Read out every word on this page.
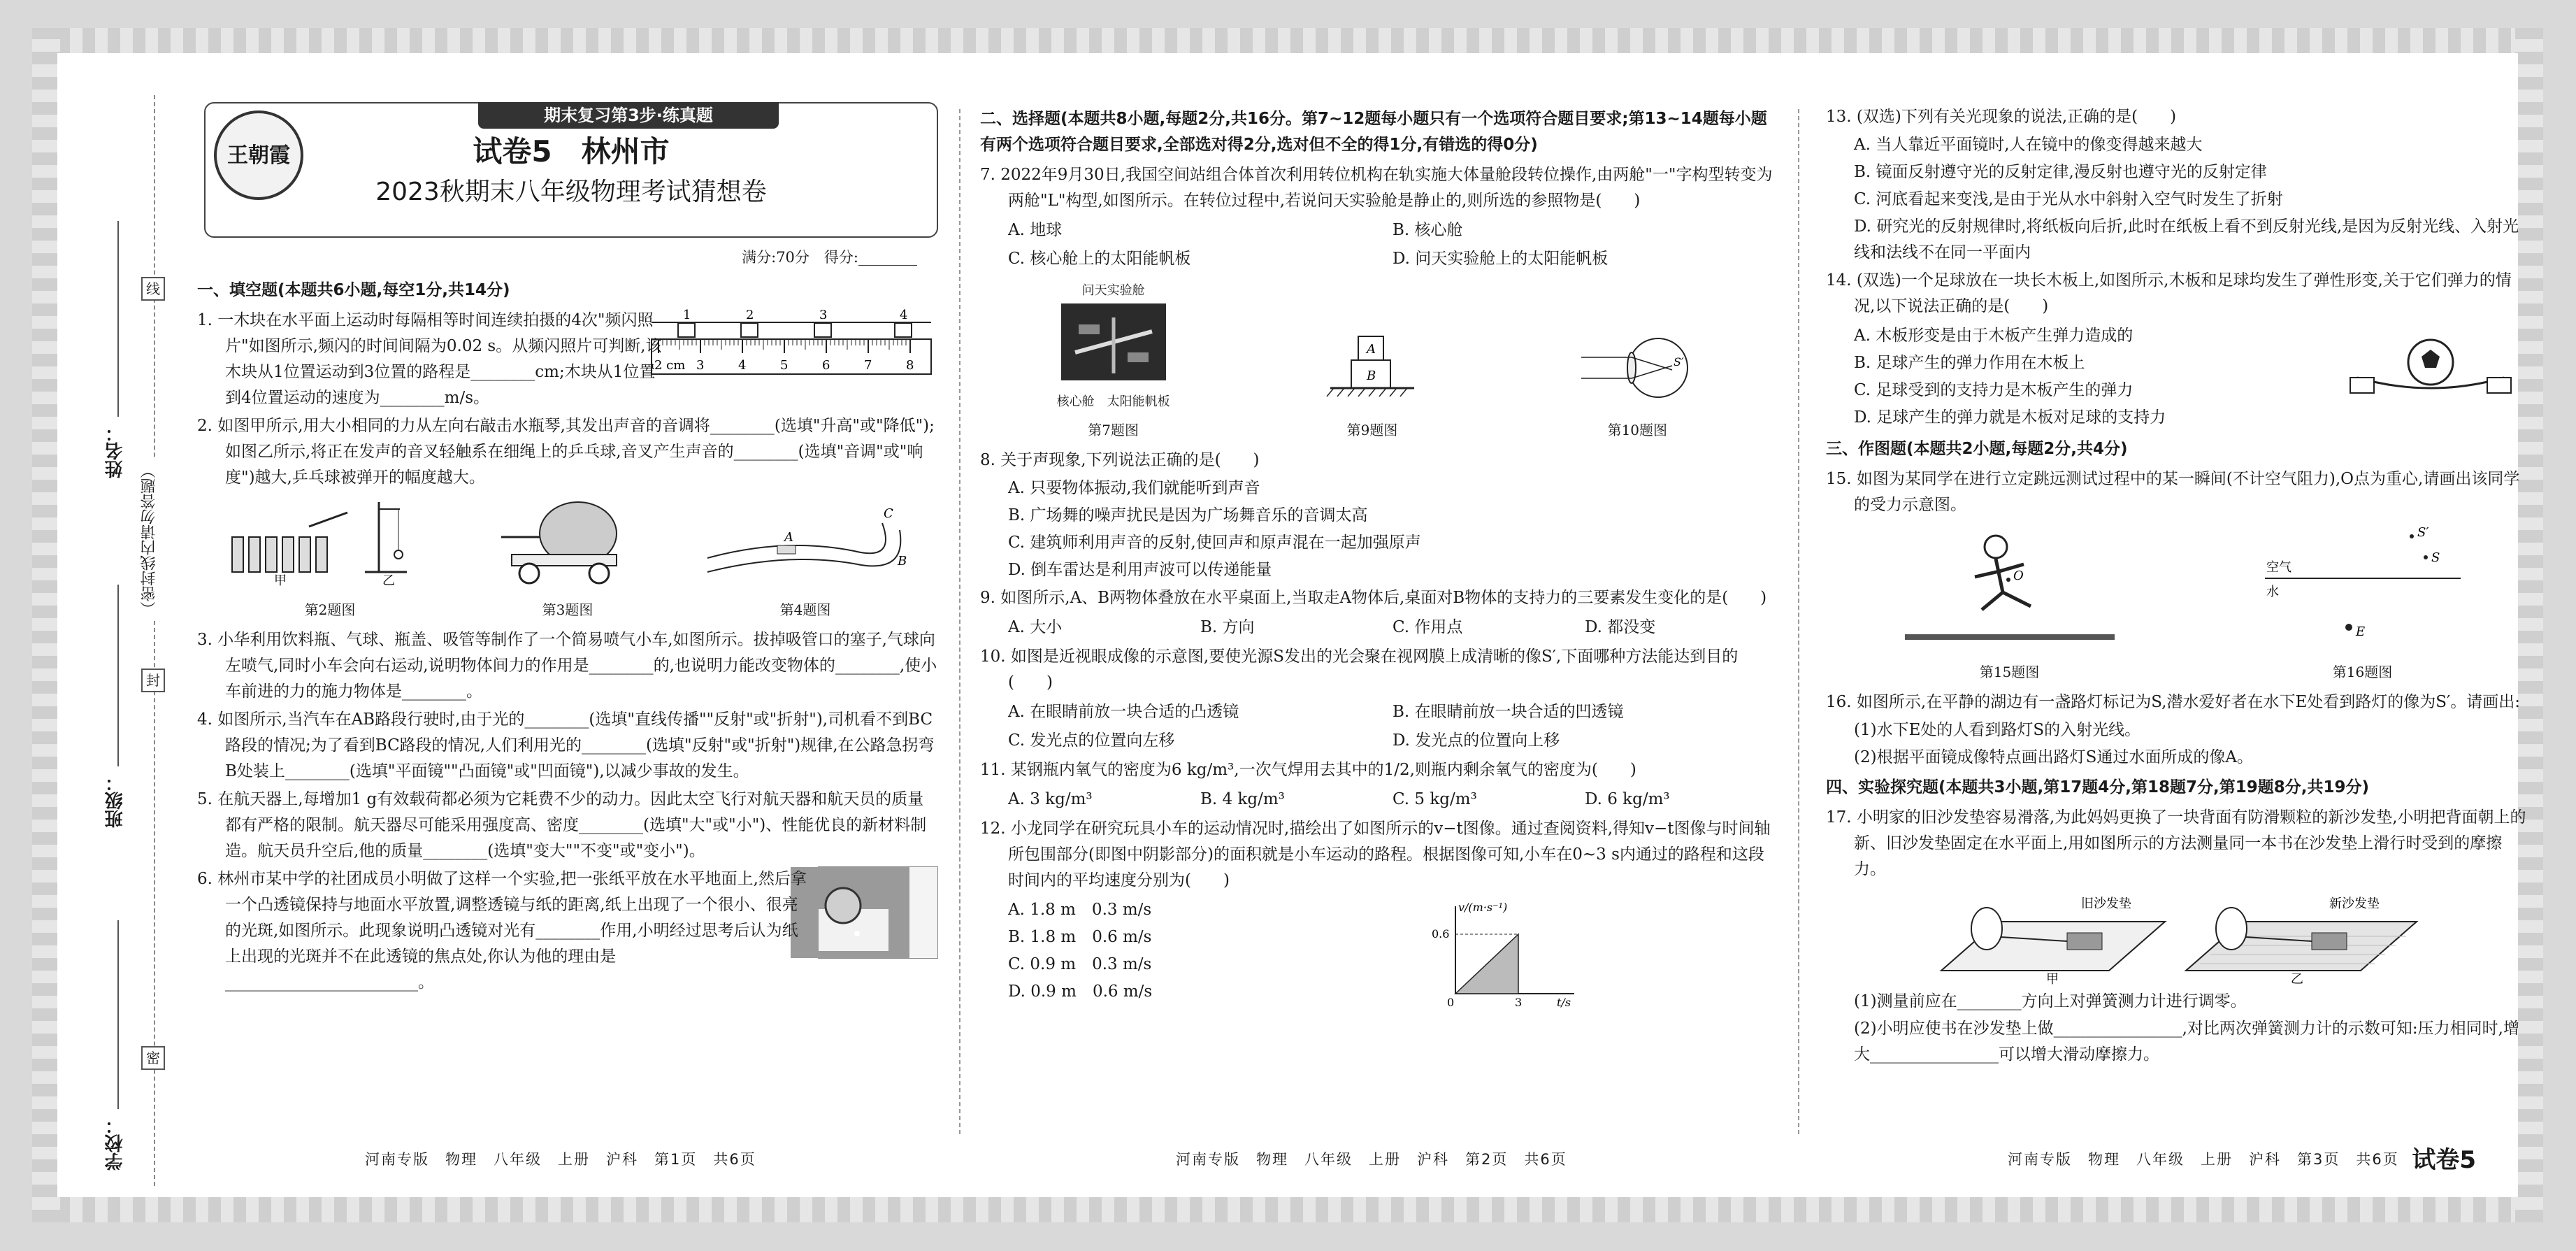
姓名：
班级：
学校：
（密封线内请勿答题）
线
封
密
王朝霞
期末复习第3步·练真题
试卷5　林州市
2023秋期末八年级物理考试猜想卷
满分:70分　得分:________
一、填空题(本题共6小题,每空1分,共14分)
1	2	3	4
2 cm 3	4	5	6	7	8
1. 一木块在水平面上运动时每隔相等时间连续拍摄的4次"频闪照片"如图所示,频闪的时间间隔为0.02 s。从频闪照片可判断,该木块从1位置运动到3位置的路程是________cm;木块从1位置到4位置运动的速度为________m/s。
2. 如图甲所示,用大小相同的力从左向右敲击水瓶琴,其发出声音的音调将________(选填"升高"或"降低");如图乙所示,将正在发声的音叉轻触系在细绳上的乒乓球,音叉产生声音的________(选填"音调"或"响度")越大,乒乓球被弹开的幅度越大。
甲	乙
第2题图	第3题图
A
B
C
第4题图
3. 小华利用饮料瓶、气球、瓶盖、吸管等制作了一个简易喷气小车,如图所示。拔掉吸管口的塞子,气球向左喷气,同时小车会向右运动,说明物体间力的作用是________的,也说明力能改变物体的________,使小车前进的力的施力物体是________。
4. 如图所示,当汽车在AB路段行驶时,由于光的________(选填"直线传播""反射"或"折射"),司机看不到BC路段的情况;为了看到BC路段的情况,人们利用光的________(选填"反射"或"折射")规律,在公路急拐弯B处装上________(选填"平面镜""凸面镜"或"凹面镜"),以减少事故的发生。
5. 在航天器上,每增加1 g有效载荷都必须为它耗费不少的动力。因此太空飞行对航天器和航天员的质量都有严格的限制。航天器尽可能采用强度高、密度________(选填"大"或"小")、性能优良的新材料制造。航天员升空后,他的质量________(选填"变大""不变"或"变小")。
6. 林州市某中学的社团成员小明做了这样一个实验,把一张纸平放在水平地面上,然后拿一个凸透镜保持与地面水平放置,调整透镜与纸的距离,纸上出现了一个很小、很亮的光斑,如图所示。此现象说明凸透镜对光有________作用,小明经过思考后认为纸上出现的光斑并不在此透镜的焦点处,你认为他的理由是________________________。
二、选择题(本题共8小题,每题2分,共16分。第7~12题每小题只有一个选项符合题目要求;第13~14题每小题有两个选项符合题目要求,全部选对得2分,选对但不全的得1分,有错选的得0分)
7. 2022年9月30日,我国空间站组合体首次利用转位机构在轨实施大体量舱段转位操作,由两舱"一"字构型转变为两舱"L"构型,如图所示。在转位过程中,若说问天实验舱是静止的,则所选的参照物是(　　)
A. 地球	B. 核心舱
C. 核心舱上的太阳能帆板	D. 问天实验舱上的太阳能帆板
问天实验舱
核心舱　太阳能帆板
第7题图
A
B
第9题图
S′
第10题图
8. 关于声现象,下列说法正确的是(　　)
A. 只要物体振动,我们就能听到声音
B. 广场舞的噪声扰民是因为广场舞音乐的音调太高
C. 建筑师利用声音的反射,使回声和原声混在一起加强原声
D. 倒车雷达是利用声波可以传递能量
9. 如图所示,A、B两物体叠放在水平桌面上,当取走A物体后,桌面对B物体的支持力的三要素发生变化的是(　　)
A. 大小	B. 方向	C. 作用点	D. 都没变
10. 如图是近视眼成像的示意图,要使光源S发出的光会聚在视网膜上成清晰的像S′,下面哪种方法能达到目的(　　)
A. 在眼睛前放一块合适的凸透镜	B. 在眼睛前放一块合适的凹透镜
C. 发光点的位置向左移	D. 发光点的位置向上移
11. 某钢瓶内氧气的密度为6 kg/m³,一次气焊用去其中的1/2,则瓶内剩余氧气的密度为(　　)
A. 3 kg/m³	B. 4 kg/m³	C. 5 kg/m³	D. 6 kg/m³
12. 小龙同学在研究玩具小车的运动情况时,描绘出了如图所示的v−t图像。通过查阅资料,得知v−t图像与时间轴所包围部分(即图中阴影部分)的面积就是小车运动的路程。根据图像可知,小车在0~3 s内通过的路程和这段时间内的平均速度分别为(　　)
A. 1.8 m　0.3 m/s
B. 1.8 m　0.6 m/s
C. 0.9 m　0.3 m/s
D. 0.9 m　0.6 m/s
v/(m·s⁻¹)
0.6
3	t/s
0
13. (双选)下列有关光现象的说法,正确的是(　　)
A. 当人靠近平面镜时,人在镜中的像变得越来越大
B. 镜面反射遵守光的反射定律,漫反射也遵守光的反射定律
C. 河底看起来变浅,是由于光从水中斜射入空气时发生了折射
D. 研究光的反射规律时,将纸板向后折,此时在纸板上看不到反射光线,是因为反射光线、入射光线和法线不在同一平面内
14. (双选)一个足球放在一块长木板上,如图所示,木板和足球均发生了弹性形变,关于它们弹力的情况,以下说法正确的是(　　)
A. 木板形变是由于木板产生弹力造成的
B. 足球产生的弹力作用在木板上
C. 足球受到的支持力是木板产生的弹力
D. 足球产生的弹力就是木板对足球的支持力
三、作图题(本题共2小题,每题2分,共4分)
15. 如图为某同学在进行立定跳远测试过程中的某一瞬间(不计空气阻力),O点为重心,请画出该同学的受力示意图。
O
第15题图
空气
水
S′
S
E
第16题图
16. 如图所示,在平静的湖边有一盏路灯标记为S,潜水爱好者在水下E处看到路灯的像为S′。请画出:
(1)水下E处的人看到路灯S的入射光线。
(2)根据平面镜成像特点画出路灯S通过水面所成的像A。
四、实验探究题(本题共3小题,第17题4分,第18题7分,第19题8分,共19分)
17. 小明家的旧沙发垫容易滑落,为此妈妈更换了一块背面有防滑颗粒的新沙发垫,小明把背面朝上的新、旧沙发垫固定在水平面上,用如图所示的方法测量同一本书在沙发垫上滑行时受到的摩擦力。
旧沙发垫	新沙发垫
甲	乙
(1)测量前应在________方向上对弹簧测力计进行调零。
(2)小明应使书在沙发垫上做________________,对比两次弹簧测力计的示数可知:压力相同时,增大________________可以增大滑动摩擦力。
河南专版　物理　八年级　上册　沪科　第1页　共6页	河南专版　物理　八年级　上册　沪科　第2页　共6页	河南专版　物理　八年级　上册　沪科　第3页　共6页 试卷5
